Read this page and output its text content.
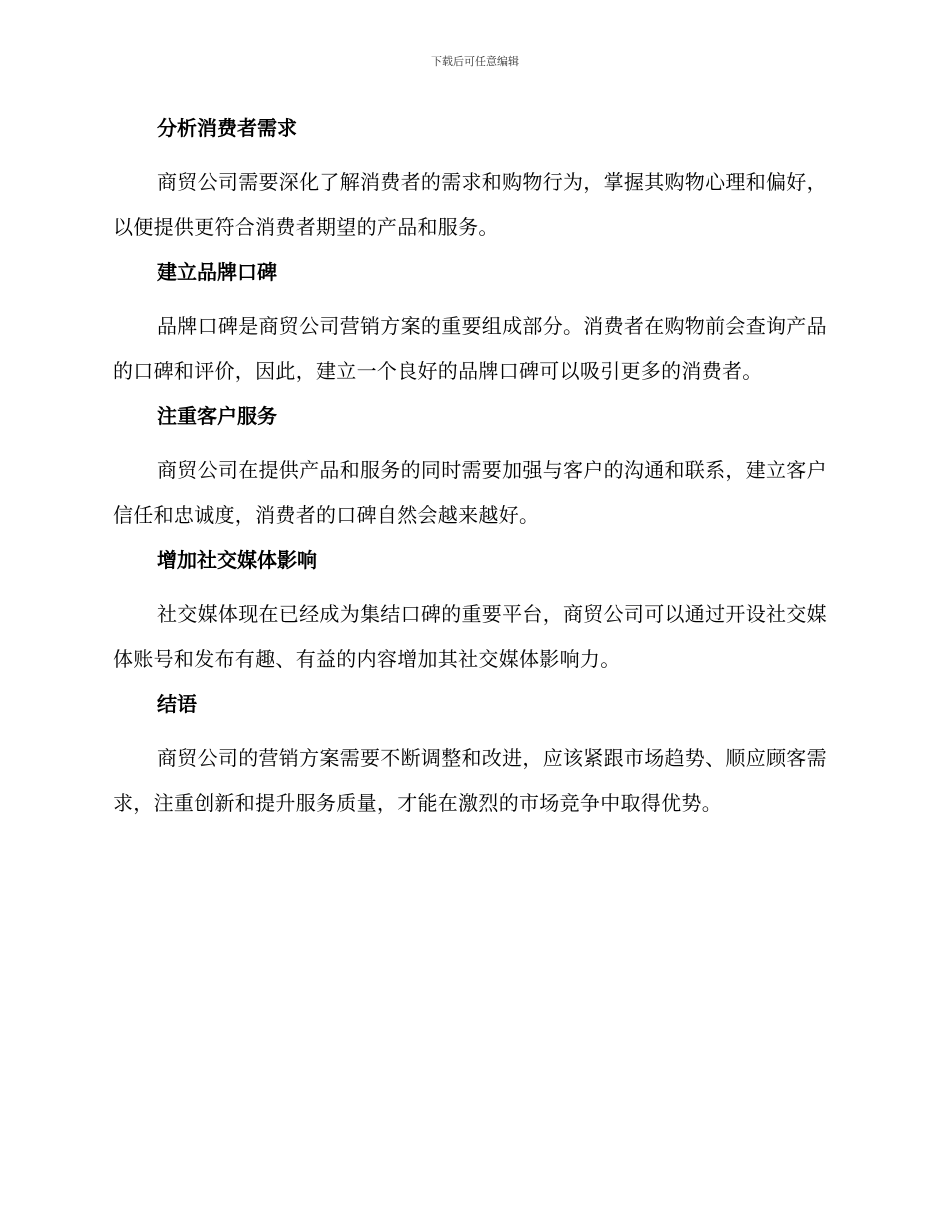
下载后可任意编辑
分析消费者需求

商贸公司需要深化了解消费者的需求和购物行为，掌握其购物心理和偏好，以便提供更符合消费者期望的产品和服务。

建立品牌口碑

品牌口碑是商贸公司营销方案的重要组成部分。消费者在购物前会查询产品的口碑和评价，因此，建立一个良好的品牌口碑可以吸引更多的消费者。

注重客户服务

商贸公司在提供产品和服务的同时需要加强与客户的沟通和联系，建立客户信任和忠诚度，消费者的口碑自然会越来越好。

增加社交媒体影响

社交媒体现在已经成为集结口碑的重要平台，商贸公司可以通过开设社交媒体账号和发布有趣、有益的内容增加其社交媒体影响力。

结语

商贸公司的营销方案需要不断调整和改进，应该紧跟市场趋势、顺应顾客需求，注重创新和提升服务质量，才能在激烈的市场竞争中取得优势。
